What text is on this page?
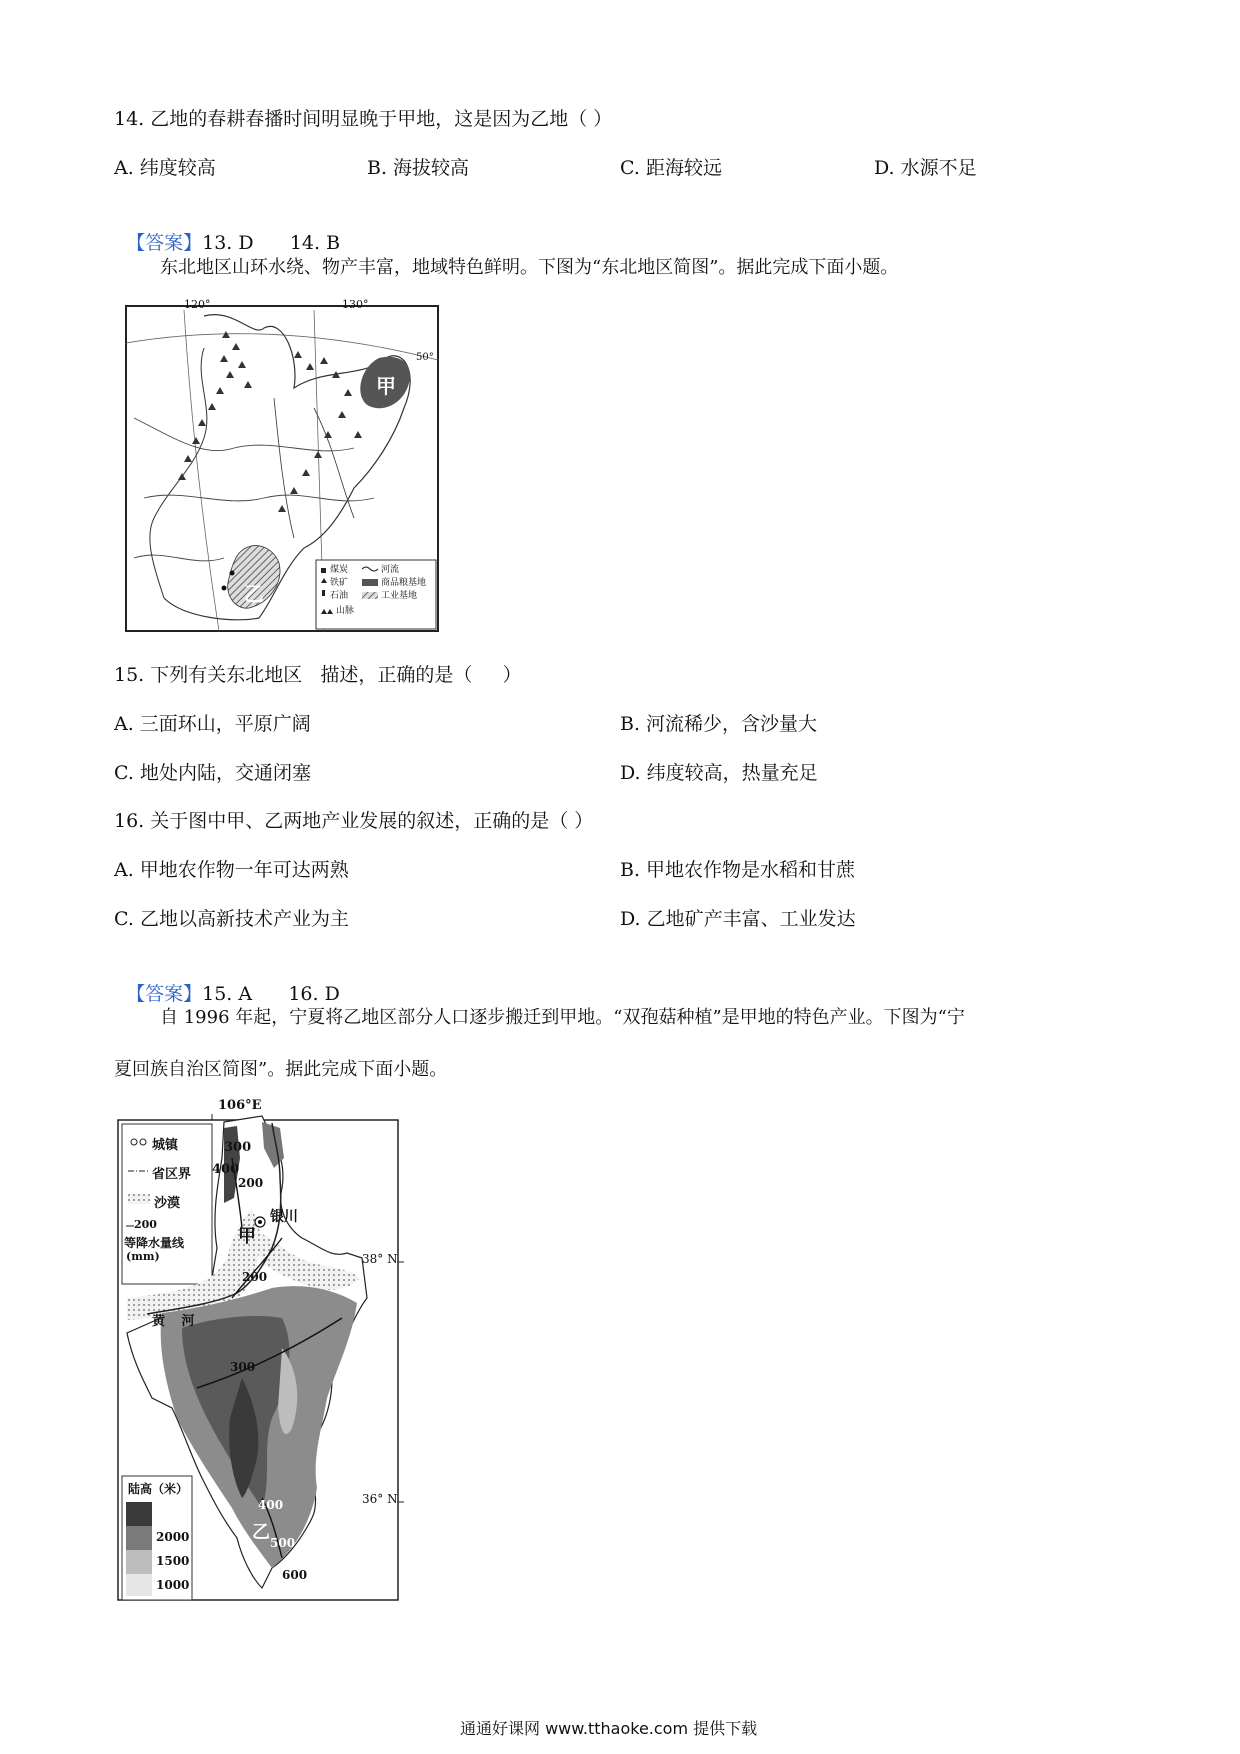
14. 乙地的春耕春播时间明显晚于甲地，这是因为乙地（ ）
A. 纬度较高	B. 海拔较高	C. 距海较远	D. 水源不足

【答案】13. D      14. B

东北地区山环水绕、物产丰富，地域特色鲜明。下图为“东北地区简图”。据此完成下面小题。
120°	130°
50°
甲
乙
煤炭	河流
铁矿	商品粮基地
石油	工业基地
山脉
15. 下列有关东北地区   描述，正确的是（     ）
A. 三面环山，平原广阔	B. 河流稀少，含沙量大
C. 地处内陆，交通闭塞	D. 纬度较高，热量充足
16. 关于图中甲、乙两地产业发展的叙述，正确的是（ ）
A. 甲地农作物一年可达两熟	B. 甲地农作物是水稻和甘蔗
C. 乙地以高新技术产业为主	D. 乙地矿产丰富、工业发达

【答案】15. A      16. D

自 1996 年起，宁夏将乙地区部分人口逐步搬迁到甲地。“双孢菇种植”是甲地的特色产业。下图为“宁
夏回族自治区简图”。据此完成下面小题。
106°E
城镇
省区界
沙漠
200
等降水量线
(mm)	38° N
36° N
银川
甲
乙
黄 河
300
400
200
200
300
400
500
600
陆高（米）
2000
1500
1000
通通好课网 www.tthaoke.com 提供下载
